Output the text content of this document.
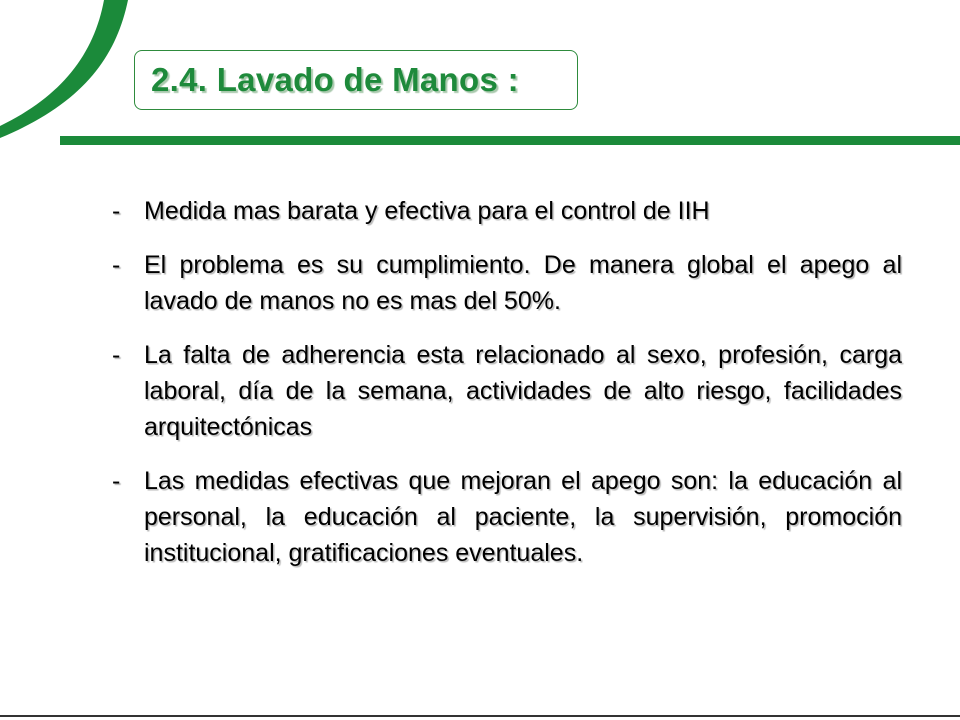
2.4. Lavado de Manos :
- Medida mas barata y efectiva para el control de IIH
- El problema es su cumplimiento. De manera global el apego al lavado de manos no es mas del 50%.
- La falta de adherencia esta relacionado al sexo, profesión, carga laboral, día de la semana, actividades de alto riesgo, facilidades arquitectónicas
- Las medidas efectivas que mejoran el apego son: la educación al personal, la educación al paciente, la supervisión, promoción institucional, gratificaciones eventuales.
